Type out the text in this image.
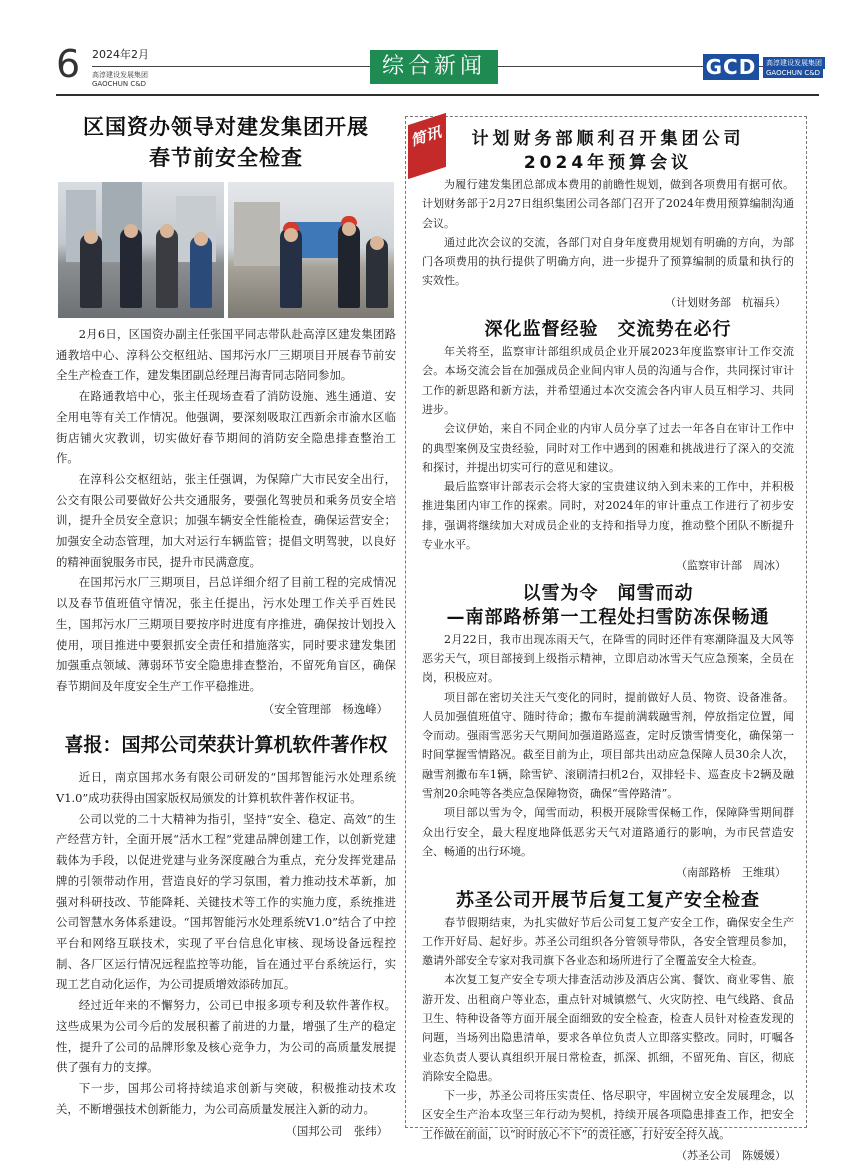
6 2024年2月
高淳建设发展集团
GAOCHUN C&D
综合新闻	GCD	高淳建设发展集团
GAOCHUN C&D
区国资办领导对建发集团开展
春节前安全检查

2月6日，区国资办副主任张国平同志带队赴高淳区建发集团路通教培中心、淳科公交枢纽站、国邦污水厂三期项目开展春节前安全生产检查工作，建发集团副总经理吕海青同志陪同参加。

在路通教培中心，张主任现场查看了消防设施、逃生通道、安全用电等有关工作情况。他强调，要深刻吸取江西新余市渝水区临街店铺火灾教训，切实做好春节期间的消防安全隐患排查整治工作。

在淳科公交枢纽站，张主任强调，为保障广大市民安全出行，公交有限公司要做好公共交通服务，要强化驾驶员和乘务员安全培训，提升全员安全意识；加强车辆安全性能检查，确保运营安全；加强安全动态管理，加大对运行车辆监管；提倡文明驾驶，以良好的精神面貌服务市民，提升市民满意度。

在国邦污水厂三期项目，吕总详细介绍了目前工程的完成情况以及春节值班值守情况，张主任提出，污水处理工作关乎百姓民生，国邦污水厂三期项目要按序时进度有序推进，确保按计划投入使用，项目推进中要狠抓安全责任和措施落实，同时要求建发集团加强重点领域、薄弱环节安全隐患排查整治，不留死角盲区，确保春节期间及年度安全生产工作平稳推进。

（安全管理部　杨逸峰）

喜报：国邦公司荣获计算机软件著作权

近日，南京国邦水务有限公司研发的“国邦智能污水处理系统V1.0”成功获得由国家版权局颁发的计算机软件著作权证书。

公司以党的二十大精神为指引，坚持“安全、稳定、高效”的生产经营方针，全面开展“活水工程”党建品牌创建工作，以创新党建载体为手段，以促进党建与业务深度融合为重点，充分发挥党建品牌的引领带动作用，营造良好的学习氛围，着力推动技术革新，加强对科研技改、节能降耗、关键技术等工作的实施力度，系统推进公司智慧水务体系建设。“国邦智能污水处理系统V1.0”结合了中控平台和网络互联技术，实现了平台信息化审核、现场设备远程控制、各厂区运行情况远程监控等功能，旨在通过平台系统运行，实现工艺自动化运作，为公司提质增效添砖加瓦。

经过近年来的不懈努力，公司已申报多项专利及软件著作权。这些成果为公司今后的发展积蓄了前进的力量，增强了生产的稳定性，提升了公司的品牌形象及核心竞争力，为公司的高质量发展提供了强有力的支撑。

下一步，国邦公司将持续追求创新与突破，积极推动技术攻关，不断增强技术创新能力，为公司高质量发展注入新的动力。

（国邦公司　张纬）

简讯	计划财务部顺利召开集团公司
2024年预算会议

为履行建发集团总部成本费用的前瞻性规划，做到各项费用有据可依。计划财务部于2月27日组织集团公司各部门召开了2024年费用预算编制沟通会议。

通过此次会议的交流，各部门对自身年度费用规划有明确的方向，为部门各项费用的执行提供了明确方向，进一步提升了预算编制的质量和执行的实效性。

（计划财务部　杭福兵）

深化监督经验　交流势在必行

年关将至，监察审计部组织成员企业开展2023年度监察审计工作交流会。本场交流会旨在加强成员企业间内审人员的沟通与合作，共同探讨审计工作的新思路和新方法，并希望通过本次交流会各内审人员互相学习、共同进步。

会议伊始，来自不同企业的内审人员分享了过去一年各自在审计工作中的典型案例及宝贵经验，同时对工作中遇到的困难和挑战进行了深入的交流和探讨，并提出切实可行的意见和建议。

最后监察审计部表示会将大家的宝贵建议纳入到未来的工作中，并积极推进集团内审工作的探索。同时，对2024年的审计重点工作进行了初步安排，强调将继续加大对成员企业的支持和指导力度，推动整个团队不断提升专业水平。

（监察审计部　周冰）

以雪为令　闻雪而动
—南部路桥第一工程处扫雪防冻保畅通

2月22日，我市出现冻雨天气，在降雪的同时还伴有寒潮降温及大风等恶劣天气，项目部接到上级指示精神，立即启动冰雪天气应急预案，全员在岗，积极应对。

项目部在密切关注天气变化的同时，提前做好人员、物资、设备准备。人员加强值班值守、随时待命；撒布车提前满载融雪剂，停放指定位置，闻令而动。强雨雪恶劣天气期间加强道路巡查，定时反馈雪情变化，确保第一时间掌握雪情路况。截至目前为止，项目部共出动应急保障人员30余人次，融雪剂撒布车1辆，除雪铲、滚刷清扫机2台，双排轻卡、巡查皮卡2辆及融雪剂20余吨等各类应急保障物资，确保“雪停路清”。

项目部以雪为令，闻雪而动，积极开展除雪保畅工作，保障降雪期间群众出行安全，最大程度地降低恶劣天气对道路通行的影响，为市民营造安全、畅通的出行环境。

（南部路桥　王维琪）

苏圣公司开展节后复工复产安全检查

春节假期结束，为扎实做好节后公司复工复产安全工作，确保安全生产工作开好局、起好步。苏圣公司组织各分管领导带队，各安全管理员参加，邀请外部安全专家对我司旗下各业态和场所进行了全覆盖安全大检查。

本次复工复产安全专项大排查活动涉及酒店公寓、餐饮、商业零售、旅游开发、出租商户等业态，重点针对城镇燃气、火灾防控、电气线路、食品卫生、特种设备等方面开展全面细致的安全检查，检查人员针对检查发现的问题，当场列出隐患清单，要求各单位负责人立即落实整改。同时，叮嘱各业态负责人要认真组织开展日常检查，抓深、抓细，不留死角、盲区，彻底消除安全隐患。

下一步，苏圣公司将压实责任、恪尽职守，牢固树立安全发展理念，以区安全生产治本攻坚三年行动为契机，持续开展各项隐患排查工作，把安全工作做在前面，以“时时放心不下”的责任感，打好安全持久战。

（苏圣公司　陈媛媛）
